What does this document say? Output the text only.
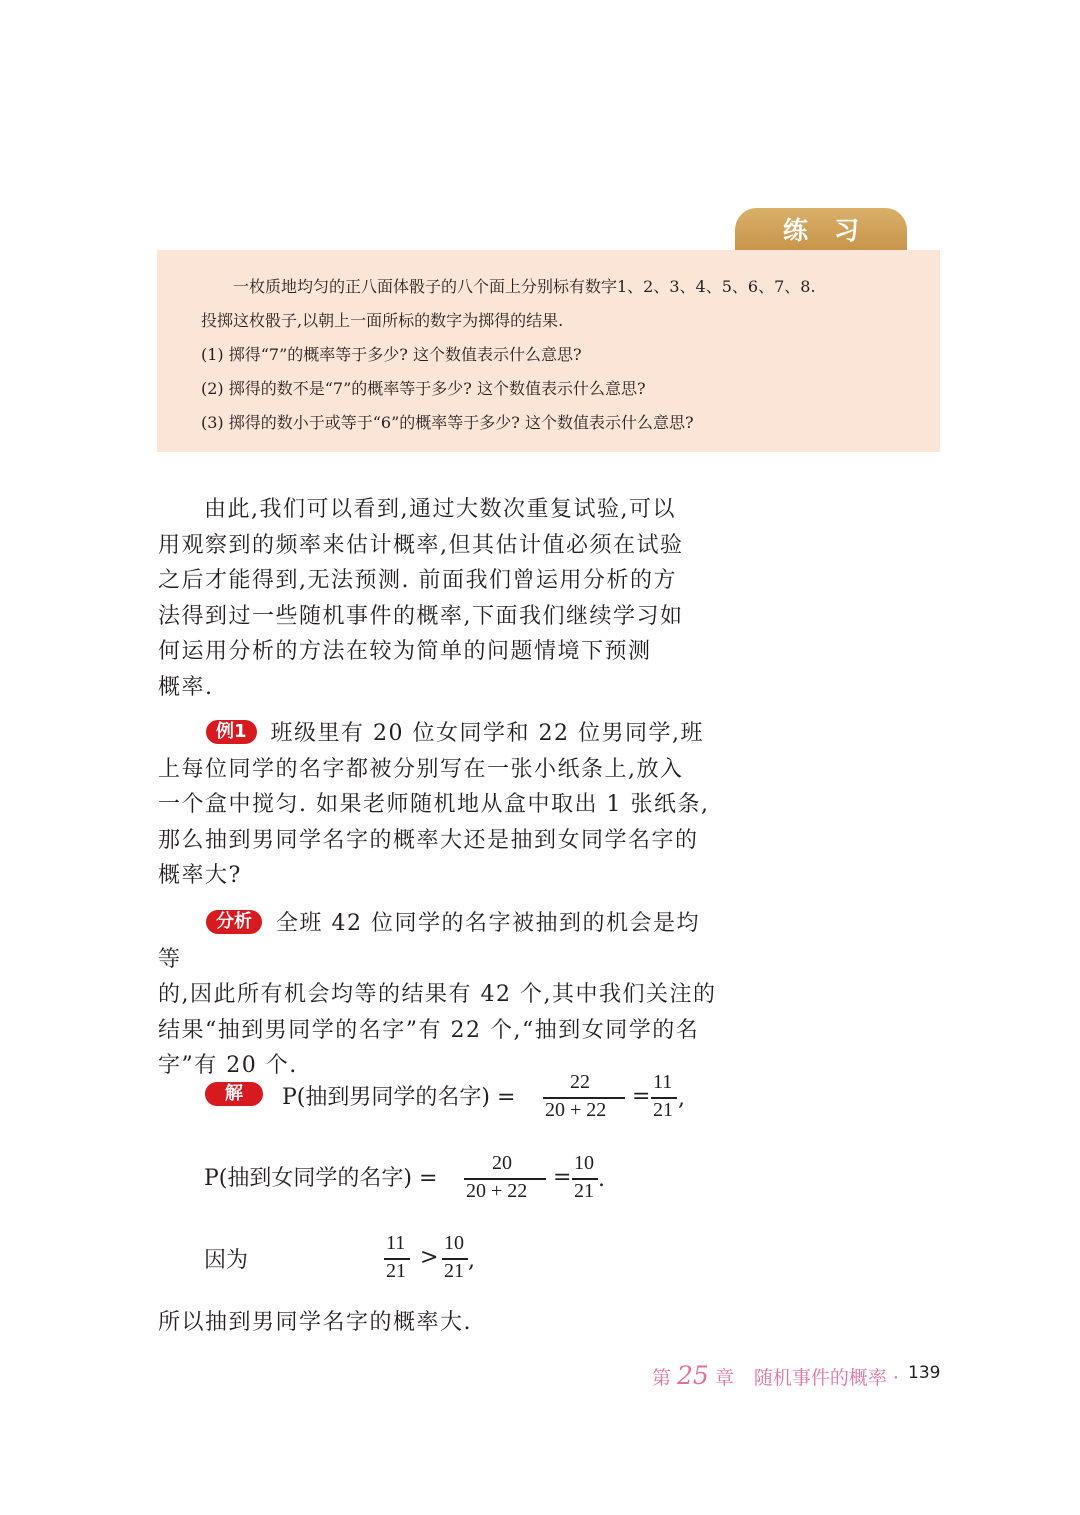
练习

一枚质地均匀的正八面体骰子的八个面上分别标有数字1、2、3、4、5、6、7、8.

投掷这枚骰子,以朝上一面所标的数字为掷得的结果.

(1) 掷得“7”的概率等于多少? 这个数值表示什么意思?

(2) 掷得的数不是“7”的概率等于多少? 这个数值表示什么意思?

(3) 掷得的数小于或等于“6”的概率等于多少? 这个数值表示什么意思?

由此,我们可以看到,通过大数次重复试验,可以
用观察到的频率来估计概率,但其估计值必须在试验
之后才能得到,无法预测. 前面我们曾运用分析的方
法得到过一些随机事件的概率,下面我们继续学习如
何运用分析的方法在较为简单的问题情境下预测
概率.
例1 班级里有 20 位女同学和 22 位男同学,班
上每位同学的名字都被分别写在一张小纸条上,放入
一个盒中搅匀. 如果老师随机地从盒中取出 1 张纸条,
那么抽到男同学名字的概率大还是抽到女同学名字的
概率大?
分析 全班 42 位同学的名字被抽到的机会是均等
的,因此所有机会均等的结果有 42 个,其中我们关注的
结果“抽到男同学的名字”有 22 个,“抽到女同学的名
字”有 20 个.
解	P(抽到男同学的名字) =
22
20 + 22
=
11
21 ,
P(抽到女同学的名字) =
20
20 + 22
=
10
21 .
因为
11
21
>
10
21 ,
所以抽到男同学名字的概率大.
第 25 章 随机事件的概率 · 139
